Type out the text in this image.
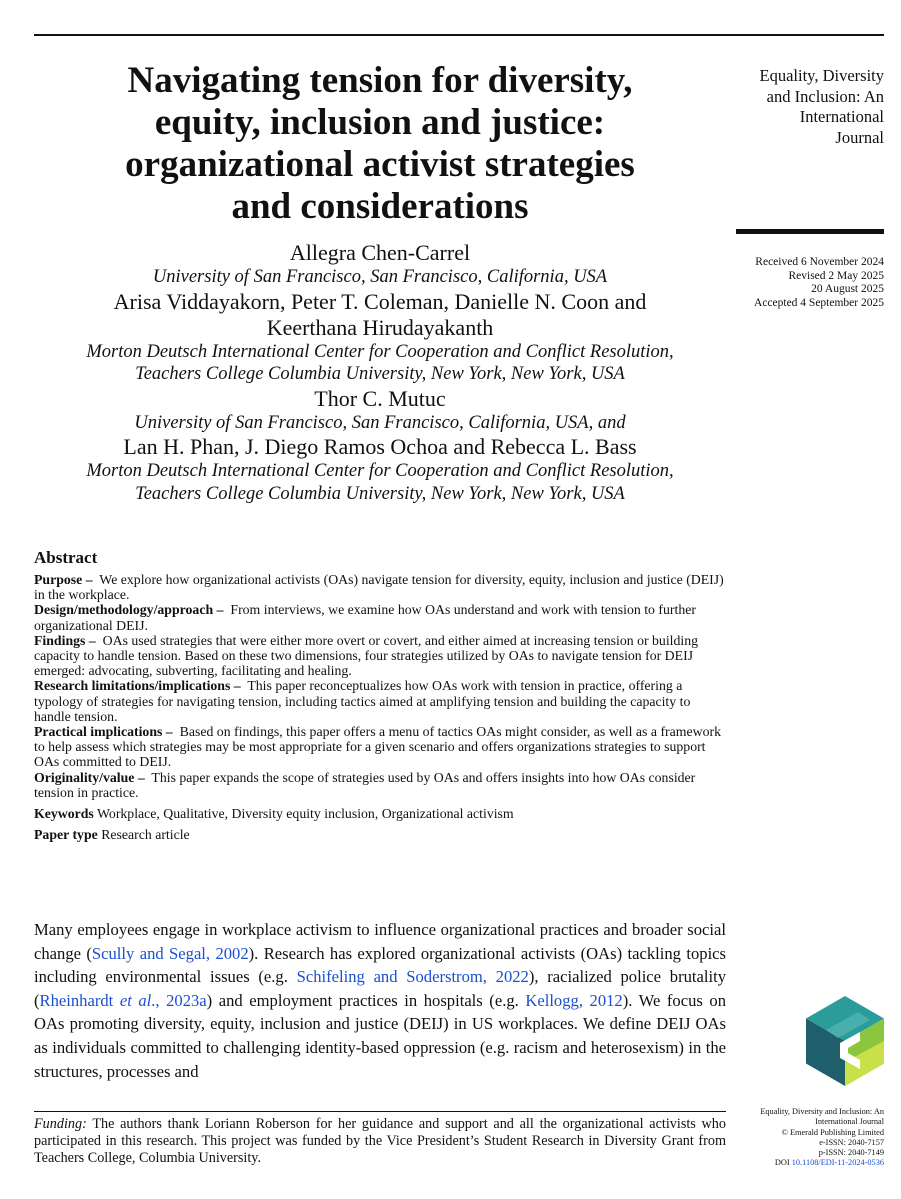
Equality, Diversity
and Inclusion: An
International
Journal
Received 6 November 2024
Revised 2 May 2025
20 August 2025
Accepted 4 September 2025
Navigating tension for diversity,
equity, inclusion and justice:
organizational activist strategies
and considerations
Allegra Chen-Carrel
University of San Francisco, San Francisco, California, USA
Arisa Viddayakorn, Peter T. Coleman, Danielle N. Coon and
Keerthana Hirudayakanth
Morton Deutsch International Center for Cooperation and Conflict Resolution,
Teachers College Columbia University, New York, New York, USA
Thor C. Mutuc
University of San Francisco, San Francisco, California, USA, and
Lan H. Phan, J. Diego Ramos Ochoa and Rebecca L. Bass
Morton Deutsch International Center for Cooperation and Conflict Resolution,
Teachers College Columbia University, New York, New York, USA
Abstract

Purpose – We explore how organizational activists (OAs) navigate tension for diversity, equity, inclusion and justice (DEIJ) in the workplace.

Design/methodology/approach – From interviews, we examine how OAs understand and work with tension to further organizational DEIJ.

Findings – OAs used strategies that were either more overt or covert, and either aimed at increasing tension or building capacity to handle tension. Based on these two dimensions, four strategies utilized by OAs to navigate tension for DEIJ emerged: advocating, subverting, facilitating and healing.

Research limitations/implications – This paper reconceptualizes how OAs work with tension in practice, offering a typology of strategies for navigating tension, including tactics aimed at amplifying tension and building the capacity to handle tension.

Practical implications – Based on findings, this paper offers a menu of tactics OAs might consider, as well as a framework to help assess which strategies may be most appropriate for a given scenario and offers organizations strategies to support OAs committed to DEIJ.

Originality/value – This paper expands the scope of strategies used by OAs and offers insights into how OAs consider tension in practice.

Keywords Workplace, Qualitative, Diversity equity inclusion, Organizational activism

Paper type Research article

Many employees engage in workplace activism to influence organizational practices and broader social change (Scully and Segal, 2002). Research has explored organizational activists (OAs) tackling topics including environmental issues (e.g. Schifeling and Soderstrom, 2022), racialized police brutality (Rheinhardt et al., 2023a) and employment practices in hospitals (e.g. Kellogg, 2012). We focus on OAs promoting diversity, equity, inclusion and justice (DEIJ) in US workplaces. We define DEIJ OAs as individuals committed to challenging identity-based oppression (e.g. racism and heterosexism) in the structures, processes and

Funding: The authors thank Loriann Roberson for her guidance and support and all the organizational activists who participated in this research. This project was funded by the Vice President’s Student Research in Diversity Grant from Teachers College, Columbia University.

Equality, Diversity and Inclusion: An
International Journal
© Emerald Publishing Limited
e-ISSN: 2040-7157
p-ISSN: 2040-7149
DOI 10.1108/EDI-11-2024-0536
